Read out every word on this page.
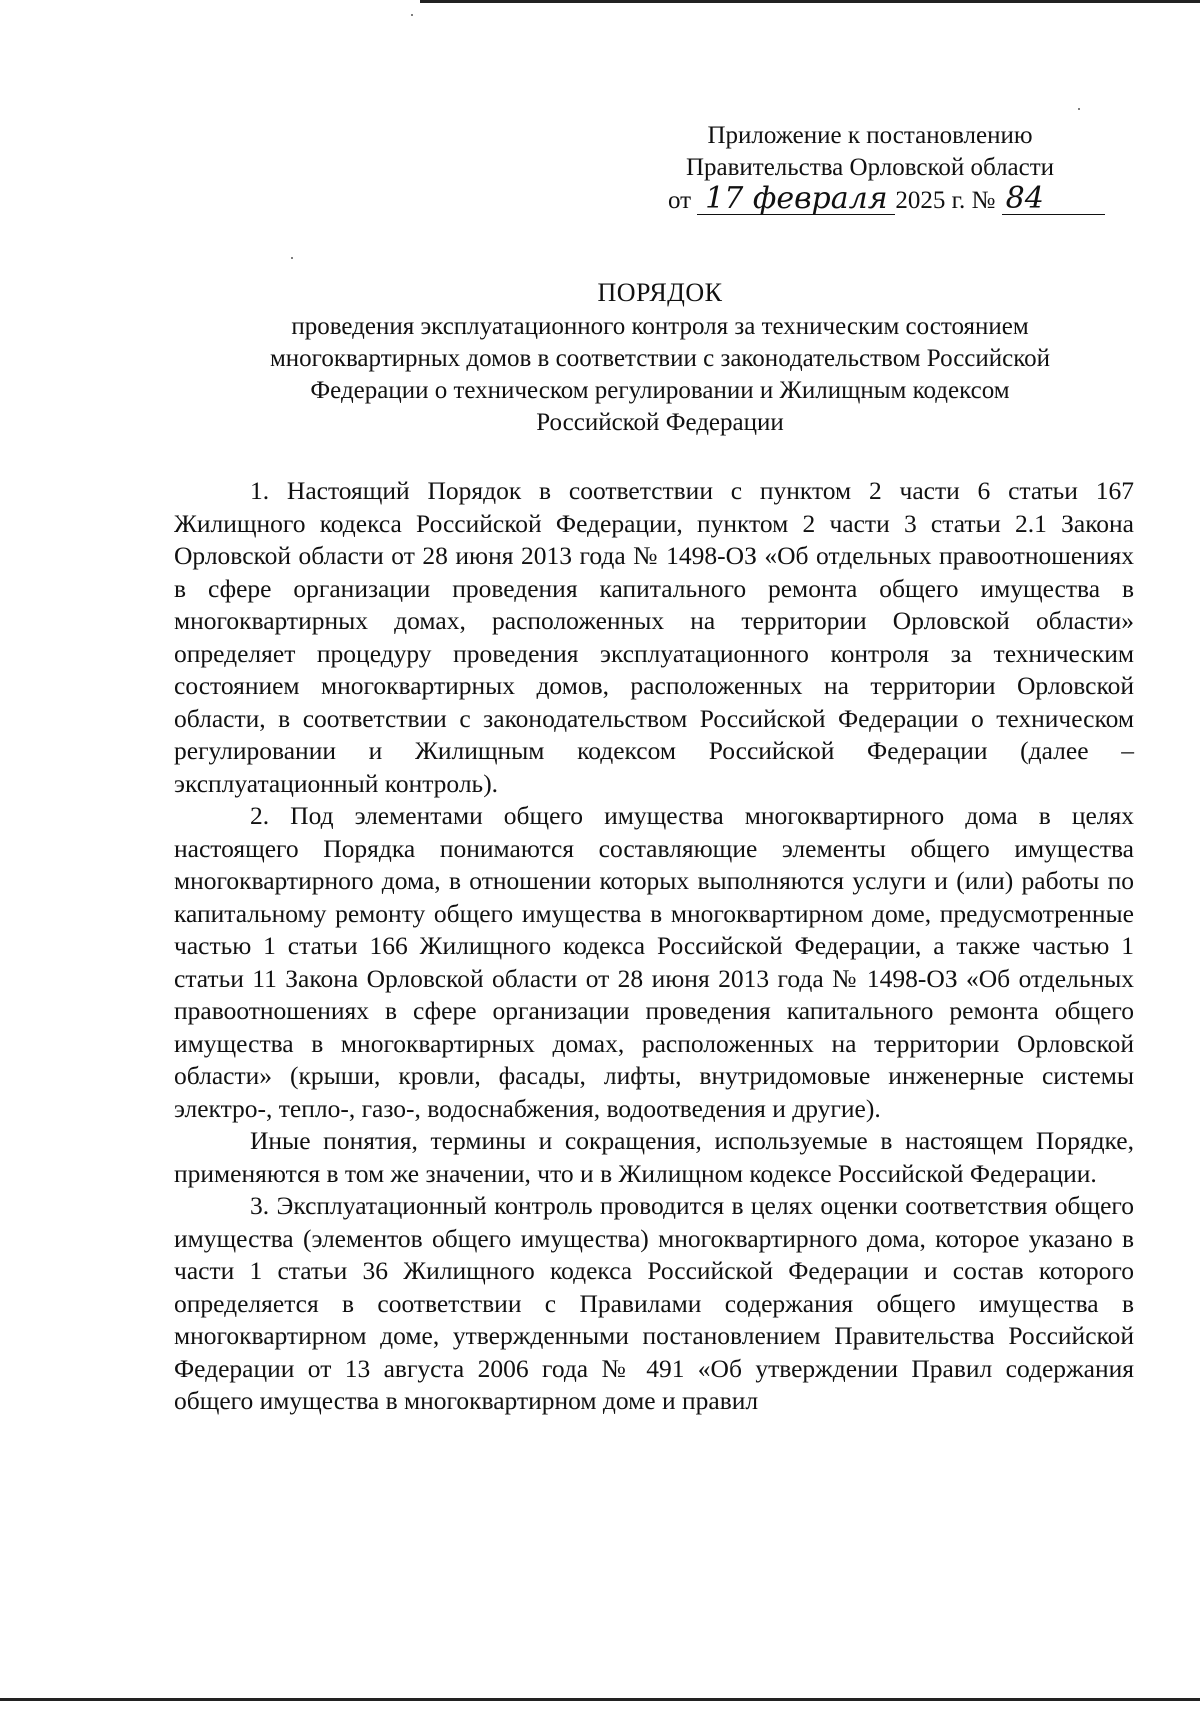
Приложение к постановлению
Правительства Орловской области
от 17 февраля 2025 г. № 84
ПОРЯДОК
проведения эксплуатационного контроля за техническим состоянием
многоквартирных домов в соответствии с законодательством Российской
Федерации о техническом регулировании и Жилищным кодексом
Российской Федерации

1. Настоящий Порядок в соответствии с пунктом 2 части 6 статьи 167 Жилищного кодекса Российской Федерации, пунктом 2 части 3 статьи 2.1 Закона Орловской области от 28 июня 2013 года № 1498-ОЗ «Об отдельных правоотношениях в сфере организации проведения капитального ремонта общего имущества в многоквартирных домах, расположенных на территории Орловской области» определяет процедуру проведения эксплуатационного контроля за техническим состоянием многоквартирных домов, расположенных на территории Орловской области, в соответствии с законодательством Российской Федерации о техническом регулировании и Жилищным кодексом Российской Федерации (далее – эксплуатационный контроль).

2. Под элементами общего имущества многоквартирного дома в целях настоящего Порядка понимаются составляющие элементы общего имущества многоквартирного дома, в отношении которых выполняются услуги и (или) работы по капитальному ремонту общего имущества в многоквартирном доме, предусмотренные частью 1 статьи 166 Жилищного кодекса Российской Федерации, а также частью 1 статьи 11 Закона Орловской области от 28 июня 2013 года № 1498-ОЗ «Об отдельных правоотношениях в сфере организации проведения капитального ремонта общего имущества в многоквартирных домах, расположенных на территории Орловской области» (крыши, кровли, фасады, лифты, внутридомовые инженерные системы электро-, тепло-, газо-, водоснабжения, водоотведения и другие).

Иные понятия, термины и сокращения, используемые в настоящем Порядке, применяются в том же значении, что и в Жилищном кодексе Российской Федерации.

3. Эксплуатационный контроль проводится в целях оценки соответствия общего имущества (элементов общего имущества) многоквартирного дома, которое указано в части 1 статьи 36 Жилищного кодекса Российской Федерации и состав которого определяется в соответствии с Правилами содержания общего имущества в многоквартирном доме, утвержденными постановлением Правительства Российской Федерации от 13 августа 2006 года № 491 «Об утверждении Правил содержания общего имущества в многоквартирном доме и правил
